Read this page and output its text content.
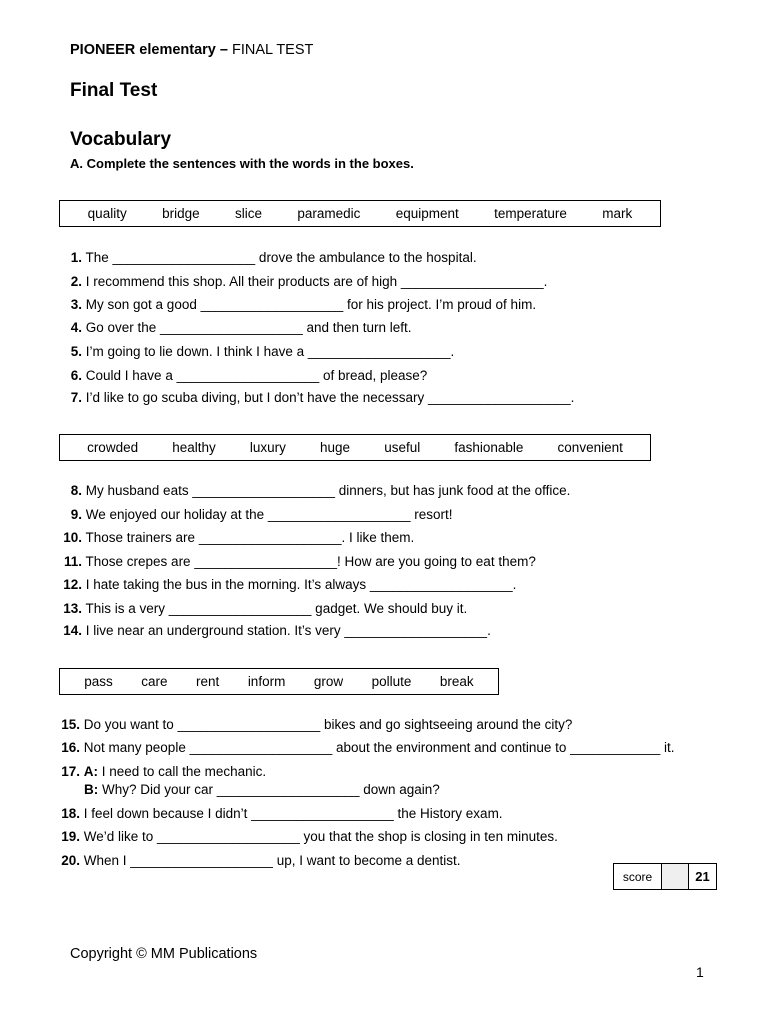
PIONEER elementary – FINAL TEST
Final Test
Vocabulary
A. Complete the sentences with the words in the boxes.
quality	bridge	slice	paramedic	equipment	temperature	mark
1. The ___________________ drove the ambulance to the hospital.
2. I recommend this shop. All their products are of high ___________________.
3. My son got a good ___________________ for his project. I’m proud of him.
4. Go over the ___________________ and then turn left.
5. I’m going to lie down. I think I have a ___________________.
6. Could I have a ___________________ of bread, please?
7. I’d like to go scuba diving, but I don’t have the necessary ___________________.
crowded	healthy	luxury	huge	useful	fashionable	convenient
8. My husband eats ___________________ dinners, but has junk food at the office.
9. We enjoyed our holiday at the ___________________ resort!
10. Those trainers are ___________________. I like them.
11. Those crepes are ___________________! How are you going to eat them?
12. I hate taking the bus in the morning. It’s always ___________________.
13. This is a very ___________________ gadget. We should buy it.
14. I live near an underground station. It’s very ___________________.
pass care rent inform grow pollute break
15. Do you want to ___________________ bikes and go sightseeing around the city?
16. Not many people ___________________ about the environment and continue to ____________ it.
17. A: I need to call the mechanic.
B: Why? Did your car ___________________ down again?
18. I feel down because I didn’t ___________________ the History exam.
19. We’d like to ___________________ you that the shop is closing in ten minutes.
20. When I ___________________ up, I want to become a dentist.
score	21
Copyright © MM Publications
1
